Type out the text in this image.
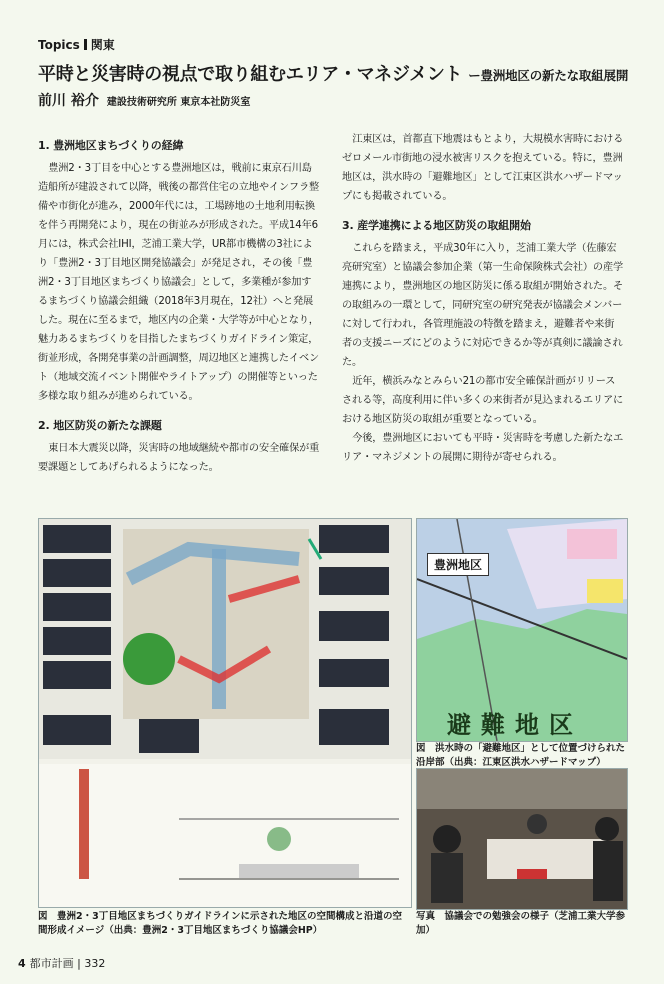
Topics 関東
平時と災害時の視点で取り組むエリア・マネジメント ー豊洲地区の新たな取組展開
前川 裕介 建設技術研究所 東京本社防災室
1. 豊洲地区まちづくりの経緯

豊洲2・3丁目を中心とする豊洲地区は，戦前に東京石川島造船所が建設されて以降，戦後の都営住宅の立地やインフラ整備や市街化が進み，2000年代には，工場跡地の土地利用転換を伴う再開発により，現在の街並みが形成された。平成14年6月には，株式会社IHI，芝浦工業大学，UR都市機構の3社により「豊洲2・3丁目地区開発協議会」が発足され，その後「豊洲2・3丁目地区まちづくり協議会」として，多業種が参加するまちづくり協議会組織（2018年3月現在，12社）へと発展した。現在に至るまで，地区内の企業・大学等が中心となり，魅力あるまちづくりを目指したまちづくりガイドライン策定，街並形成，各開発事業の計画調整，周辺地区と連携したイベント（地域交流イベント開催やライトアップ）の開催等といった多様な取り組みが進められている。

2. 地区防災の新たな課題

東日本大震災以降，災害時の地域継続や都市の安全確保が重要課題としてあげられるようになった。

江東区は，首都直下地震はもとより，大規模水害時におけるゼロメール市街地の浸水被害リスクを抱えている。特に，豊洲地区は，洪水時の「避難地区」として江東区洪水ハザードマップにも掲載されている。

3. 産学連携による地区防災の取組開始

これらを踏まえ，平成30年に入り，芝浦工業大学（佐藤宏亮研究室）と協議会参加企業（第一生命保険株式会社）の産学連携により，豊洲地区の地区防災に係る取組が開始された。その取組みの一環として，同研究室の研究発表が協議会メンバーに対して行われ，各管理施設の特徴を踏まえ，避難者や来街者の支援ニーズにどのように対応できるか等が真剣に議論された。

近年，横浜みなとみらい21の都市安全確保計画がリリースされる等，高度利用に伴い多くの来街者が見込まれるエリアにおける地区防災の取組が重要となっている。

今後，豊洲地区においても平時・災害時を考慮した新たなエリア・マネジメントの展開に期待が寄せられる。

図　豊洲2・3丁目地区まちづくりガイドラインに示された地区の空間構成と沿道の空間形成イメージ（出典：豊洲2・3丁目地区まちづくり協議会HP）
豊洲地区
避難地区
図　洪水時の「避難地区」として位置づけられた沿岸部（出典：江東区洪水ハザードマップ）
写真　協議会での勉強会の様子（芝浦工業大学参加）
4 都市計画 | 332
